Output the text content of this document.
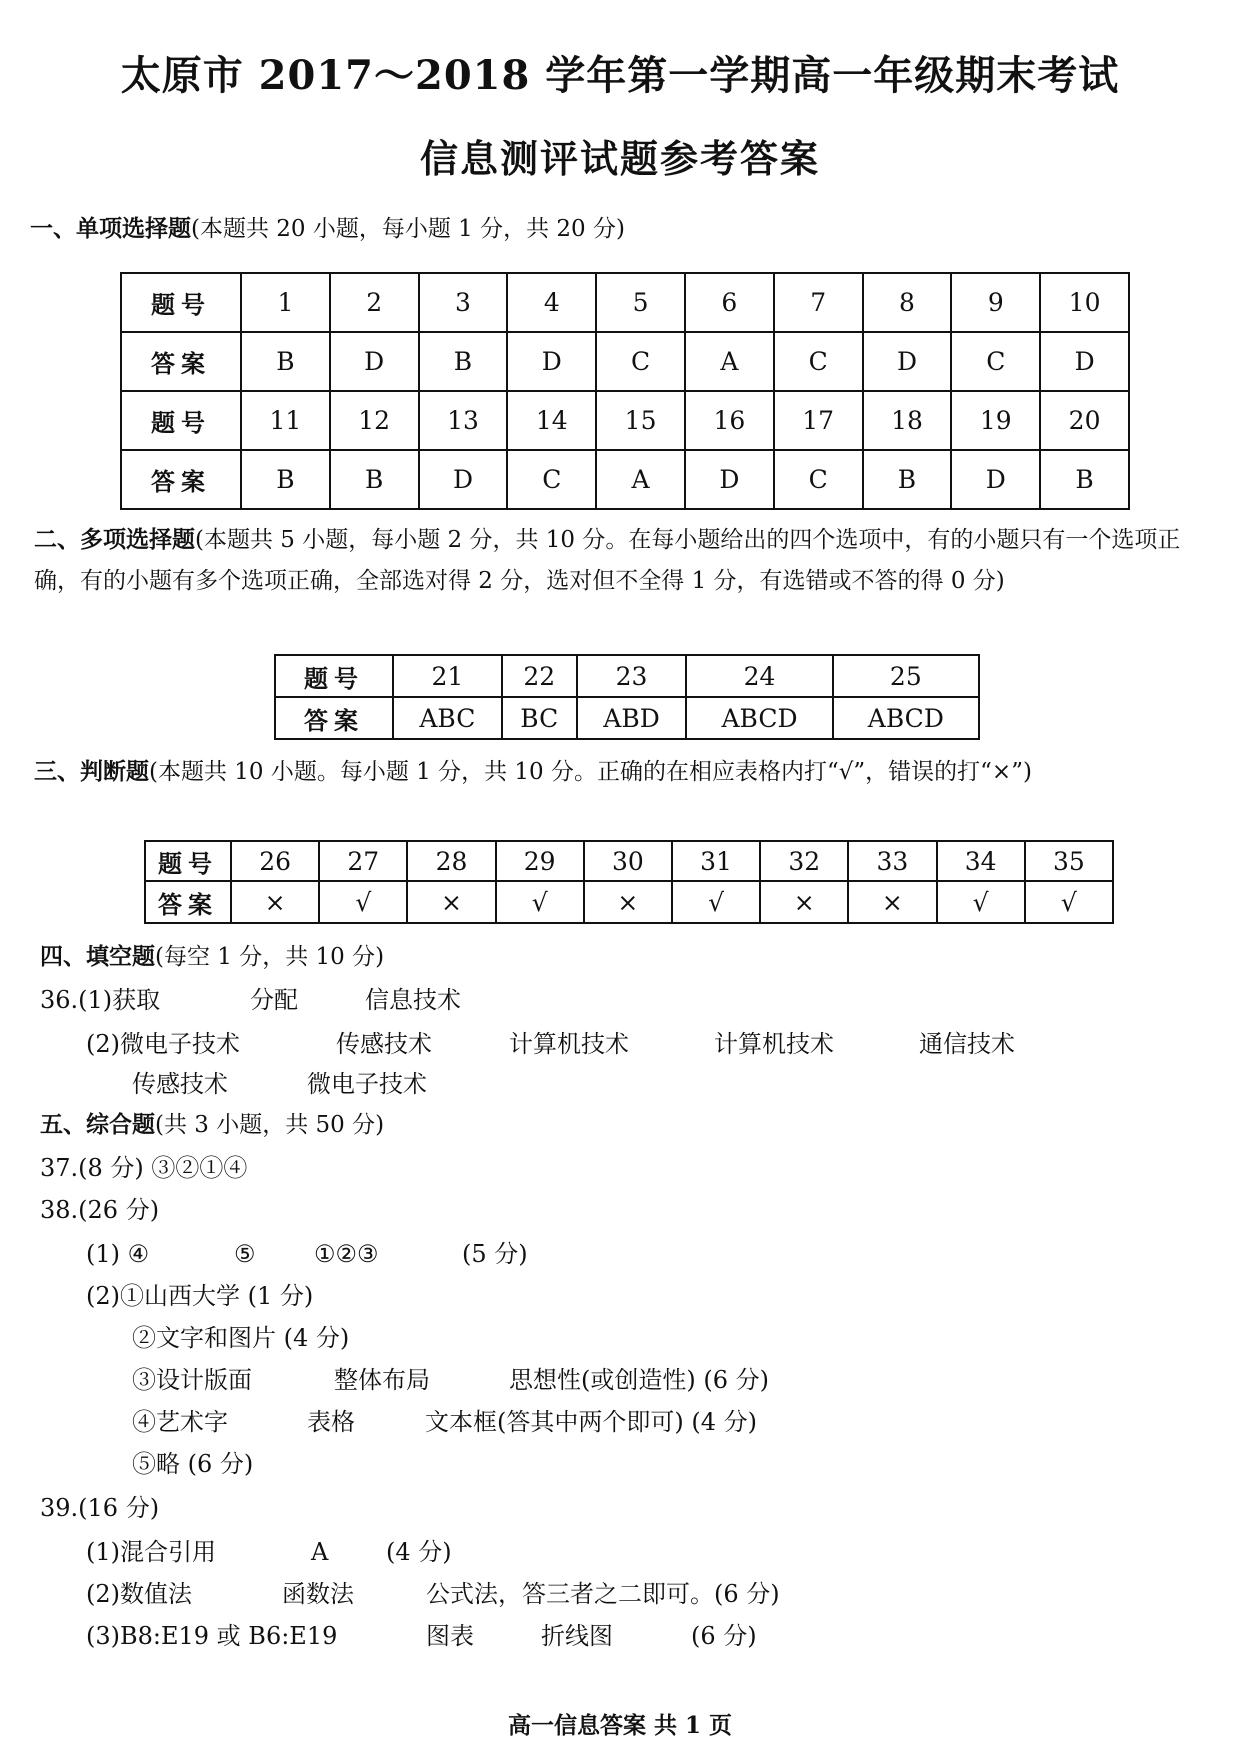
太原市 2017～2018 学年第一学期高一年级期末考试
信息测评试题参考答案
一、单项选择题(本题共 20 小题，每小题 1 分，共 20 分)
题号	1	2	3	4	5	6	7	8	9	10
答案	B	D	B	D	C	A	C	D	C	D
题号	11	12	13	14	15	16	17	18	19	20
答案	B	B	D	C	A	D	C	B	D	B
二、多项选择题(本题共 5 小题，每小题 2 分，共 10 分。在每小题给出的四个选项中，有的小题只有一个选项正确，有的小题有多个选项正确，全部选对得 2 分，选对但不全得 1 分，有选错或不答的得 0 分)
题号	21	22	23	24	25
答案	ABC	BC	ABD	ABCD	ABCD
三、判断题(本题共 10 小题。每小题 1 分，共 10 分。正确的在相应表格内打“√”，错误的打“×”)
题号	26	27	28	29	30	31	32	33	34	35
答案	×	√	×	√	×	√	×	×	√	√
四、填空题(每空 1 分，共 10 分)
36.(1)获取	分配	信息技术
(2)微电子技术	传感技术	计算机技术	计算机技术	通信技术
传感技术	微电子技术
五、综合题(共 3 小题，共 50 分)
37.(8 分) ③②①④
38.(26 分)
(1) ④	⑤ ①②③	(5 分)
(2)①山西大学 (1 分)
②文字和图片 (4 分)
③设计版面	整体布局	思想性(或创造性) (6 分)
④艺术字	表格	文本框(答其中两个即可) (4 分)
⑤略 (6 分)
39.(16 分)
(1)混合引用	A (4 分)
(2)数值法	函数法	公式法，答三者之二即可。(6 分)
(3)B8:E19 或 B6:E19	图表	折线图	(6 分)
高一信息答案 共 1 页
